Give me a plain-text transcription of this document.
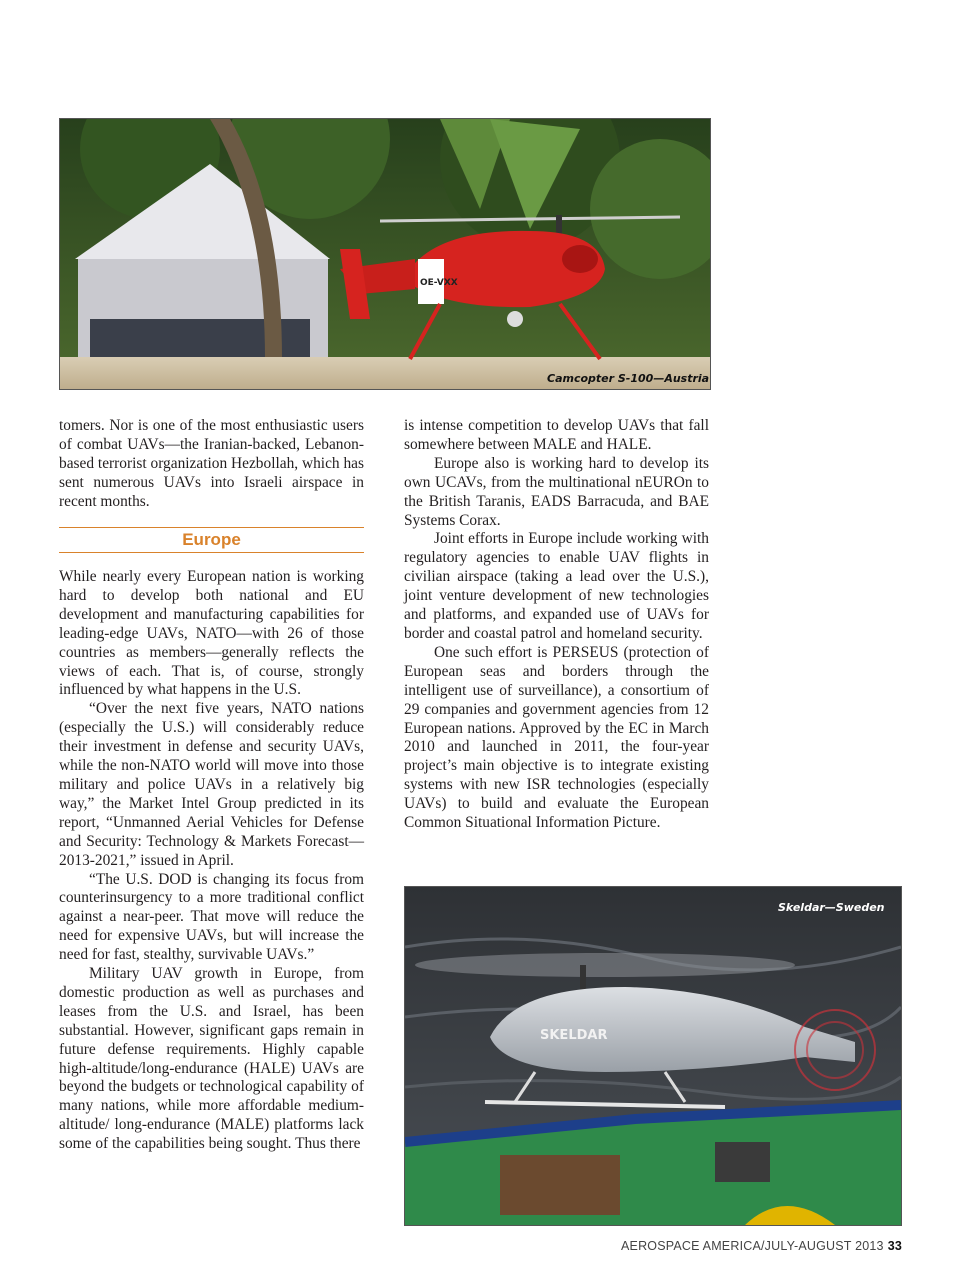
OE-VXX
Camcopter S-100—Austria

tomers. Nor is one of the most enthusiastic users of combat UAVs—the Iranian-backed, Lebanon-based terrorist organization Hezbollah, which has sent numerous UAVs into Israeli airspace in recent months.

Europe

While nearly every European nation is working hard to develop both national and EU development and manufacturing capabilities for leading-edge UAVs, NATO—with 26 of those countries as members—generally reflects the views of each. That is, of course, strongly influenced by what happens in the U.S.

“Over the next five years, NATO nations (especially the U.S.) will considerably reduce their investment in defense and security UAVs, while the non-NATO world will move into those military and police UAVs in a relatively big way,” the Market Intel Group predicted in its report, “Unmanned Aerial Vehicles for Defense and Security: Technology & Markets Forecast— 2013-2021,” issued in April.

“The U.S. DOD is changing its focus from counterinsurgency to a more traditional conflict against a near-peer. That move will reduce the need for expensive UAVs, but will increase the need for fast, stealthy, survivable UAVs.”

Military UAV growth in Europe, from domestic production as well as purchases and leases from the U.S. and Israel, has been substantial. However, significant gaps remain in future defense requirements. Highly capable high-altitude/long-endurance (HALE) UAVs are beyond the budgets or technological capability of many nations, while more affordable medium-altitude/ long-endurance (MALE) platforms lack some of the capabilities being sought. Thus there

is intense competition to develop UAVs that fall somewhere between MALE and HALE.

Europe also is working hard to develop its own UCAVs, from the multinational nEUROn to the British Taranis, EADS Barracuda, and BAE Systems Corax.

Joint efforts in Europe include working with regulatory agencies to enable UAV flights in civilian airspace (taking a lead over the U.S.), joint venture development of new technologies and platforms, and expanded use of UAVs for border and coastal patrol and homeland security.

One such effort is PERSEUS (protection of European seas and borders through the intelligent use of surveillance), a consortium of 29 companies and government agencies from 12 European nations. Approved by the EC in March 2010 and launched in 2011, the four-year project’s main objective is to integrate existing systems with new ISR technologies (especially UAVs) to build and evaluate the European Common Situational Information Picture.

SKELDAR
Skeldar—Sweden
AEROSPACE AMERICA/JULY-AUGUST 2013 33
